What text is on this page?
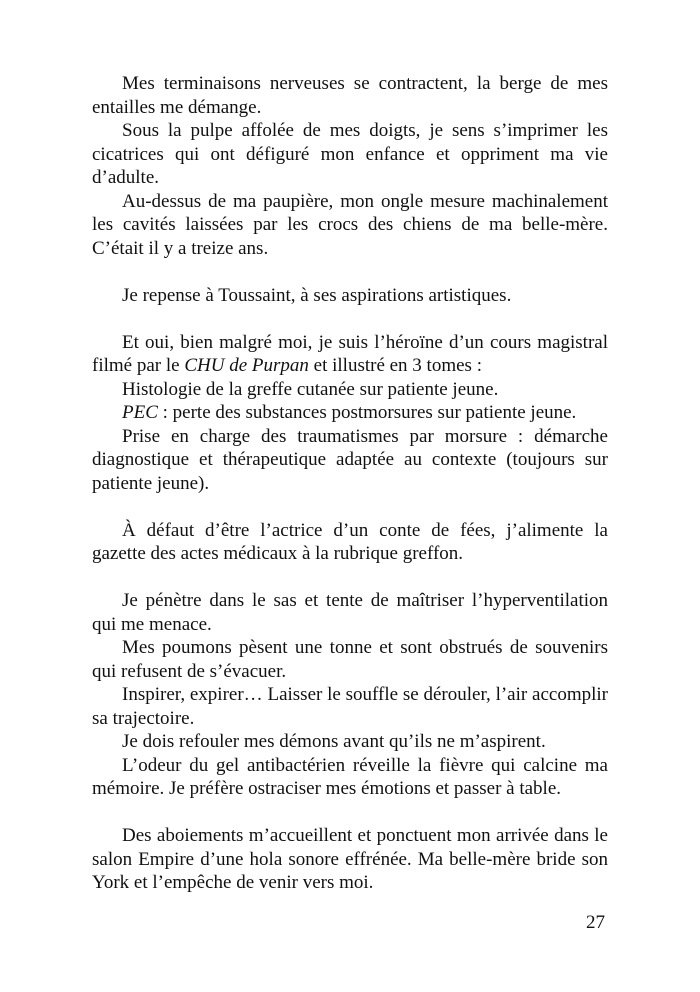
Mes terminaisons nerveuses se contractent, la berge de mes entailles me démange.

Sous la pulpe affolée de mes doigts, je sens s’imprimer les cicatrices qui ont défiguré mon enfance et oppriment ma vie d’adulte.

Au-dessus de ma paupière, mon ongle mesure machinalement les cavités laissées par les crocs des chiens de ma belle-mère. C’était il y a treize ans.

Je repense à Toussaint, à ses aspirations artistiques.

Et oui, bien malgré moi, je suis l’héroïne d’un cours magistral filmé par le CHU de Purpan et illustré en 3 tomes :

Histologie de la greffe cutanée sur patiente jeune.

PEC : perte des substances postmorsures sur patiente jeune.

Prise en charge des traumatismes par morsure : démarche diagnostique et thérapeutique adaptée au contexte (toujours sur patiente jeune).

À défaut d’être l’actrice d’un conte de fées, j’alimente la gazette des actes médicaux à la rubrique greffon.

Je pénètre dans le sas et tente de maîtriser l’hyperventilation qui me menace.

Mes poumons pèsent une tonne et sont obstrués de souvenirs qui refusent de s’évacuer.

Inspirer, expirer… Laisser le souffle se dérouler, l’air accomplir sa trajectoire.

Je dois refouler mes démons avant qu’ils ne m’aspirent.

L’odeur du gel antibactérien réveille la fièvre qui calcine ma mémoire. Je préfère ostraciser mes émotions et passer à table.

Des aboiements m’accueillent et ponctuent mon arrivée dans le salon Empire d’une hola sonore effrénée. Ma belle-mère bride son York et l’empêche de venir vers moi.

27
